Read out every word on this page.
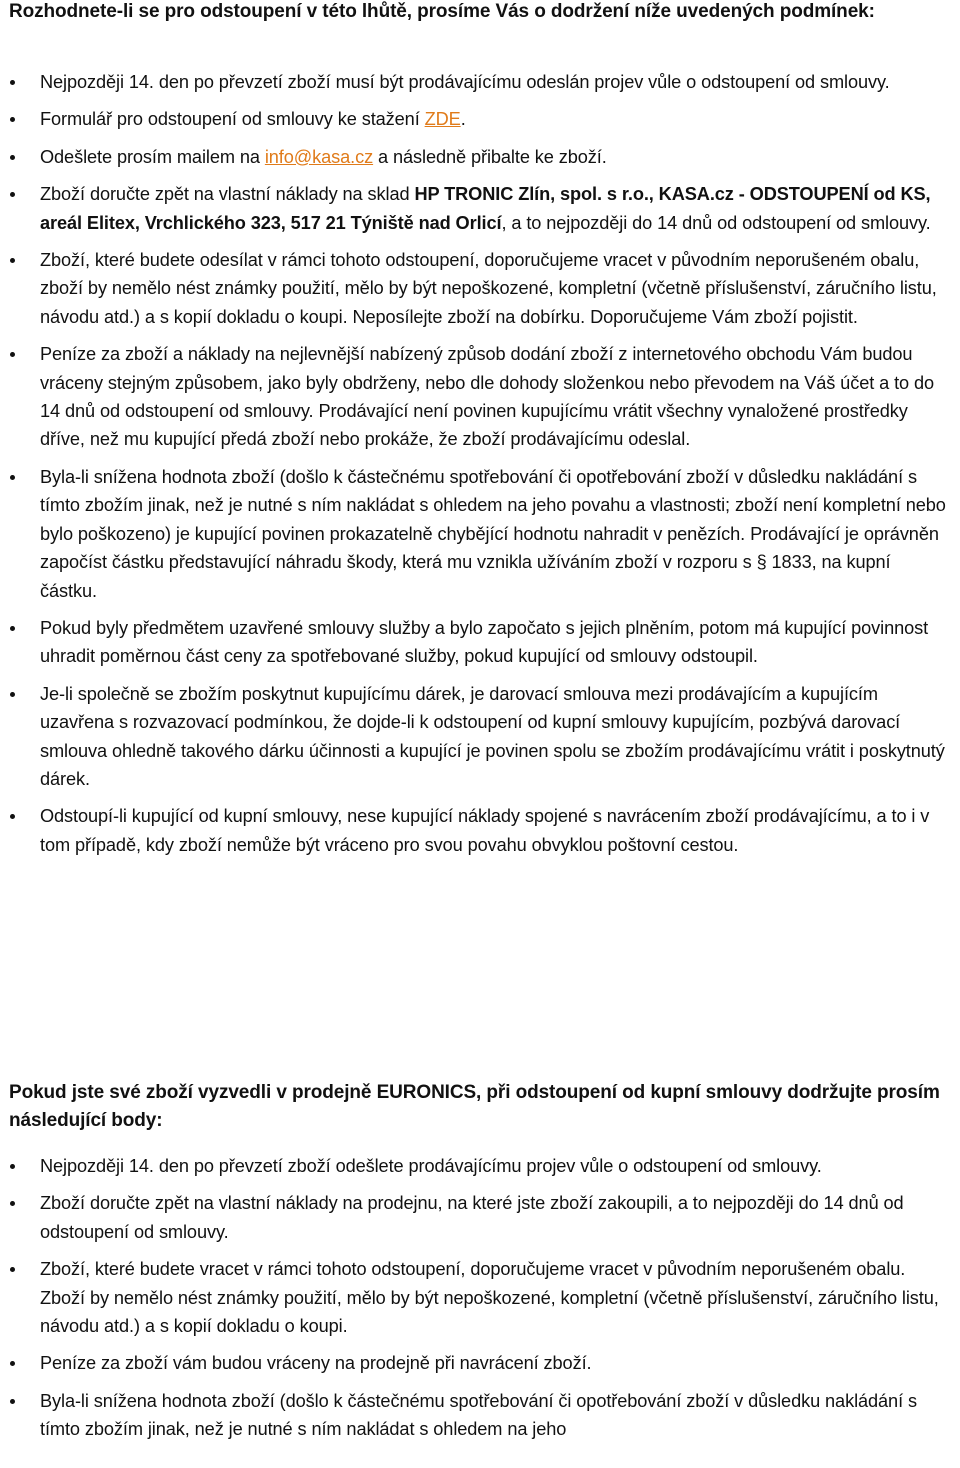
Rozhodnete-li se pro odstoupení v této lhůtě, prosíme Vás o dodržení níže uvedených podmínek:
Nejpozději 14. den po převzetí zboží musí být prodávajícímu odeslán projev vůle o odstoupení od smlouvy.
Formulář pro odstoupení od smlouvy ke stažení ZDE.
Odešlete prosím mailem na info@kasa.cz a následně přibalte ke zboží.
Zboží doručte zpět na vlastní náklady na sklad HP TRONIC Zlín, spol. s r.o., KASA.cz - ODSTOUPENÍ od KS, areál Elitex, Vrchlického 323, 517 21 Týniště nad Orlicí, a to nejpozději do 14 dnů od odstoupení od smlouvy.
Zboží, které budete odesílat v rámci tohoto odstoupení, doporučujeme vracet v původním neporušeném obalu, zboží by nemělo nést známky použití, mělo by být nepoškozené, kompletní (včetně příslušenství, záručního listu, návodu atd.) a s kopií dokladu o koupi. Neposílejte zboží na dobírku. Doporučujeme Vám zboží pojistit.
Peníze za zboží a náklady na nejlevnější nabízený způsob dodání zboží z internetového obchodu Vám budou vráceny stejným způsobem, jako byly obdrženy, nebo dle dohody složenkou nebo převodem na Váš účet a to do 14 dnů od odstoupení od smlouvy. Prodávající není povinen kupujícímu vrátit všechny vynaložené prostředky dříve, než mu kupující předá zboží nebo prokáže, že zboží prodávajícímu odeslal.
Byla-li snížena hodnota zboží (došlo k částečnému spotřebování či opotřebování zboží v důsledku nakládání s tímto zbožím jinak, než je nutné s ním nakládat s ohledem na jeho povahu a vlastnosti; zboží není kompletní nebo bylo poškozeno) je kupující povinen prokazatelně chybějící hodnotu nahradit v penězích. Prodávající je oprávněn započíst částku představující náhradu škody, která mu vznikla užíváním zboží v rozporu s § 1833, na kupní částku.
Pokud byly předmětem uzavřené smlouvy služby a bylo započato s jejich plněním, potom má kupující povinnost uhradit poměrnou část ceny za spotřebované služby, pokud kupující od smlouvy odstoupil.
Je-li společně se zbožím poskytnut kupujícímu dárek, je darovací smlouva mezi prodávajícím a kupujícím uzavřena s rozvazovací podmínkou, že dojde-li k odstoupení od kupní smlouvy kupujícím, pozbývá darovací smlouva ohledně takového dárku účinnosti a kupující je povinen spolu se zbožím prodávajícímu vrátit i poskytnutý dárek.
Odstoupí-li kupující od kupní smlouvy, nese kupující náklady spojené s navrácením zboží prodávajícímu, a to i v tom případě, kdy zboží nemůže být vráceno pro svou povahu obvyklou poštovní cestou.
Pokud jste své zboží vyzvedli v prodejně EURONICS, při odstoupení od kupní smlouvy dodržujte prosím následující body:
Nejpozději 14. den po převzetí zboží odešlete prodávajícímu projev vůle o odstoupení od smlouvy.
Zboží doručte zpět na vlastní náklady na prodejnu, na které jste zboží zakoupili, a to nejpozději do 14 dnů od odstoupení od smlouvy.
Zboží, které budete vracet v rámci tohoto odstoupení, doporučujeme vracet v původním neporušeném obalu. Zboží by nemělo nést známky použití, mělo by být nepoškozené, kompletní (včetně příslušenství, záručního listu, návodu atd.) a s kopií dokladu o koupi.
Peníze za zboží vám budou vráceny na prodejně při navrácení zboží.
Byla-li snížena hodnota zboží (došlo k částečnému spotřebování či opotřebování zboží v důsledku nakládání s tímto zbožím jinak, než je nutné s ním nakládat s ohledem na jeho
